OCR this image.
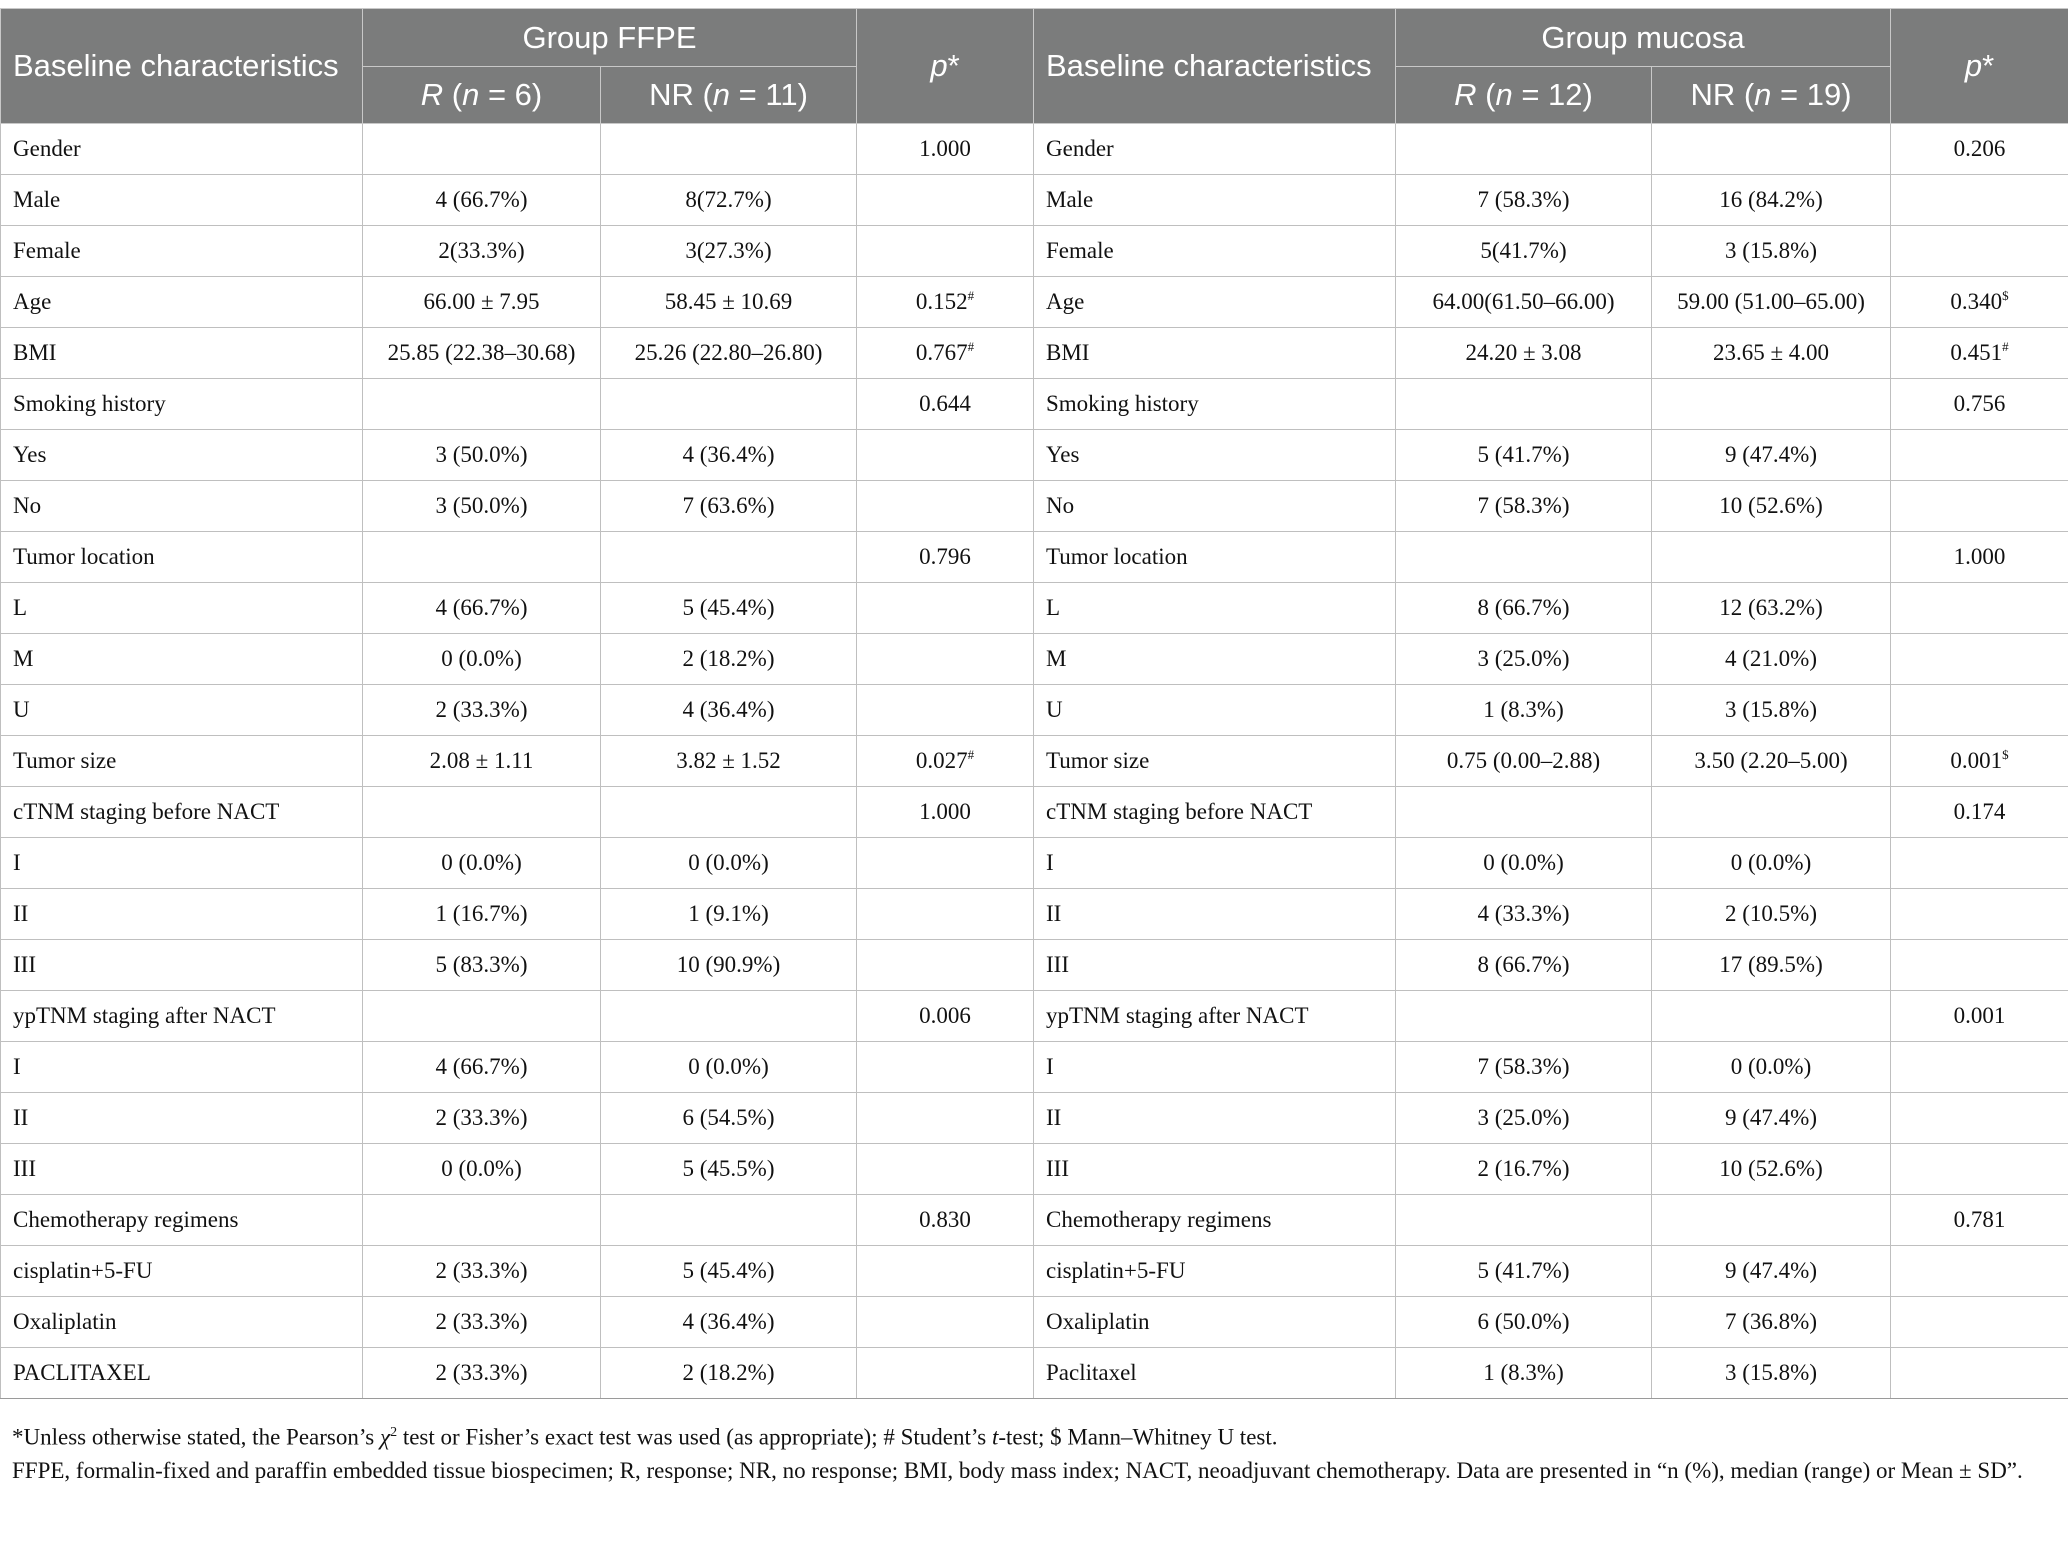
Baseline characteristics	Group FFPE		p*	Baseline characteristics	Group mucosa		p*
	R (n = 6)	NR (n = 11)			R (n = 12)	NR (n = 19)	
Gender			1.000	Gender			0.206
Male	4 (66.7%)	8(72.7%)		Male	7 (58.3%)	16 (84.2%)	
Female	2(33.3%)	3(27.3%)		Female	5(41.7%)	3 (15.8%)	
Age	66.00 ± 7.95	58.45 ± 10.69	0.152#	Age	64.00(61.50–66.00)	59.00 (51.00–65.00)	0.340$
BMI	25.85 (22.38–30.68)	25.26 (22.80–26.80)	0.767#	BMI	24.20 ± 3.08	23.65 ± 4.00	0.451#
Smoking history			0.644	Smoking history			0.756
Yes	3 (50.0%)	4 (36.4%)		Yes	5 (41.7%)	9 (47.4%)	
No	3 (50.0%)	7 (63.6%)		No	7 (58.3%)	10 (52.6%)	
Tumor location			0.796	Tumor location			1.000
L	4 (66.7%)	5 (45.4%)		L	8 (66.7%)	12 (63.2%)	
M	0 (0.0%)	2 (18.2%)		M	3 (25.0%)	4 (21.0%)	
U	2 (33.3%)	4 (36.4%)		U	1 (8.3%)	3 (15.8%)	
Tumor size	2.08 ± 1.11	3.82 ± 1.52	0.027#	Tumor size	0.75 (0.00–2.88)	3.50 (2.20–5.00)	0.001$
cTNM staging before NACT			1.000	cTNM staging before NACT			0.174
I	0 (0.0%)	0 (0.0%)		I	0 (0.0%)	0 (0.0%)	
II	1 (16.7%)	1 (9.1%)		II	4 (33.3%)	2 (10.5%)	
III	5 (83.3%)	10 (90.9%)		III	8 (66.7%)	17 (89.5%)	
ypTNM staging after NACT			0.006	ypTNM staging after NACT			0.001
I	4 (66.7%)	0 (0.0%)		I	7 (58.3%)	0 (0.0%)	
II	2 (33.3%)	6 (54.5%)		II	3 (25.0%)	9 (47.4%)	
III	0 (0.0%)	5 (45.5%)		III	2 (16.7%)	10 (52.6%)	
Chemotherapy regimens			0.830	Chemotherapy regimens			0.781
cisplatin+5-FU	2 (33.3%)	5 (45.4%)		cisplatin+5-FU	5 (41.7%)	9 (47.4%)	
Oxaliplatin	2 (33.3%)	4 (36.4%)		Oxaliplatin	6 (50.0%)	7 (36.8%)	
PACLITAXEL	2 (33.3%)	2 (18.2%)		Paclitaxel	1 (8.3%)	3 (15.8%)	

*Unless otherwise stated, the Pearson’s $\chi^2$ test or Fisher’s exact test was used (as appropriate); # Student’s t-test; $ Mann–Whitney U test.

FFPE, formalin-fixed and paraffin embedded tissue biospecimen; R, response; NR, no response; BMI, body mass index; NACT, neoadjuvant chemotherapy. Data are presented in “n (%), median (range) or Mean ± SD”.
